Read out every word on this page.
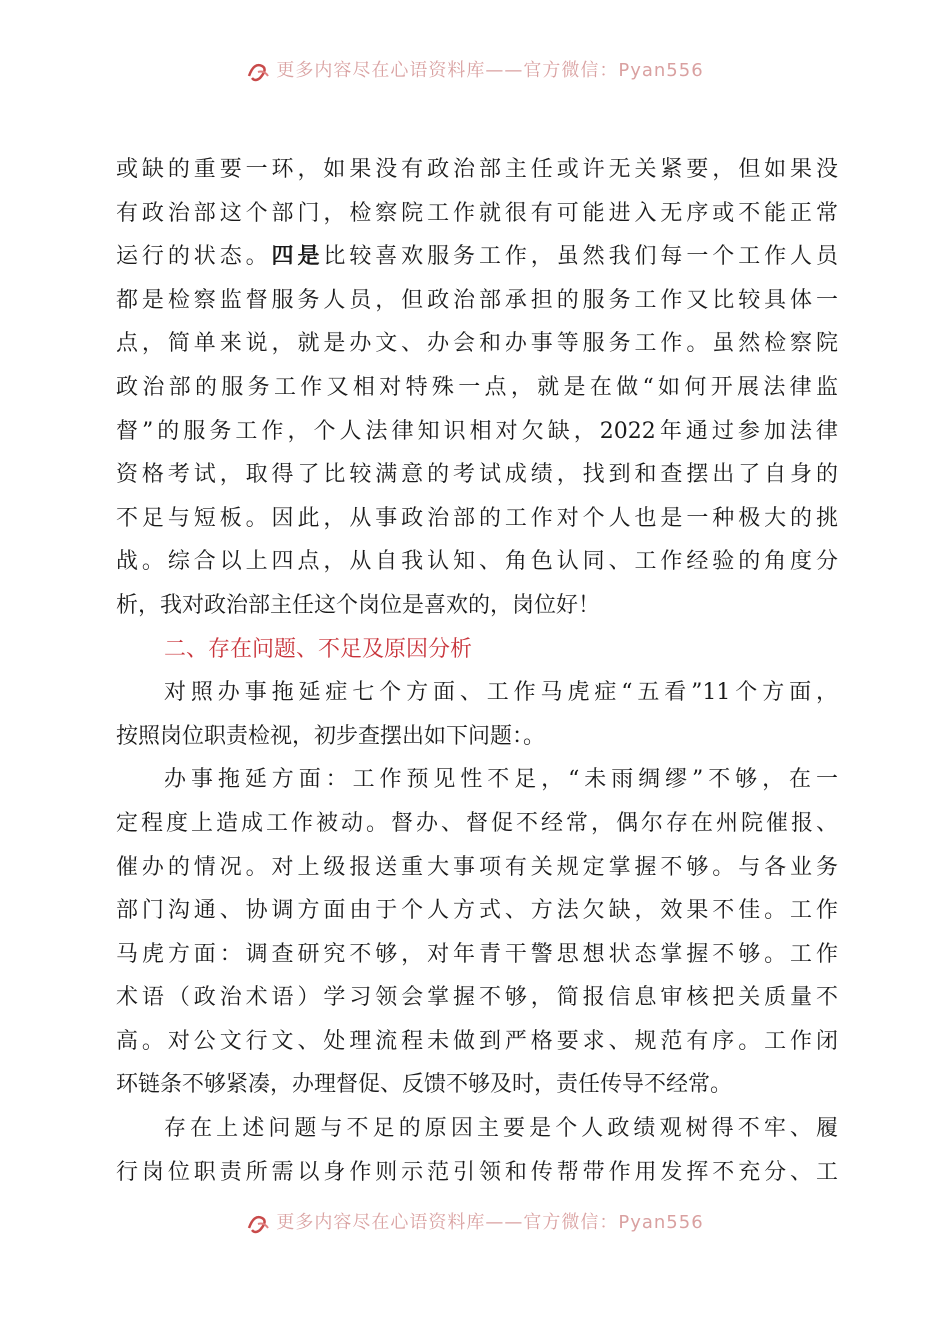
更多内容尽在心语资料库——官方微信：Pyan556
或缺的重要一环，如果没有政治部主任或许无关紧要，但如果没
有政治部这个部门，检察院工作就很有可能进入无序或不能正常
运行的状态。四是比较喜欢服务工作，虽然我们每一个工作人员
都是检察监督服务人员，但政治部承担的服务工作又比较具体一
点，简单来说，就是办文、办会和办事等服务工作。虽然检察院
政治部的服务工作又相对特殊一点，就是在做“如何开展法律监
督”的服务工作，个人法律知识相对欠缺，2022年通过参加法律
资格考试，取得了比较满意的考试成绩，找到和查摆出了自身的
不足与短板。因此，从事政治部的工作对个人也是一种极大的挑
战。综合以上四点，从自我认知、角色认同、工作经验的角度分
析，我对政治部主任这个岗位是喜欢的，岗位好！
二、存在问题、不足及原因分析
对照办事拖延症七个方面、工作马虎症“五看”11个方面，
按照岗位职责检视，初步查摆出如下问题：。
办事拖延方面：工作预见性不足，“未雨绸缪”不够，在一
定程度上造成工作被动。督办、督促不经常，偶尔存在州院催报、
催办的情况。对上级报送重大事项有关规定掌握不够。与各业务
部门沟通、协调方面由于个人方式、方法欠缺，效果不佳。工作
马虎方面：调查研究不够，对年青干警思想状态掌握不够。工作
术语（政治术语）学习领会掌握不够，简报信息审核把关质量不
高。对公文行文、处理流程未做到严格要求、规范有序。工作闭
环链条不够紧凑，办理督促、反馈不够及时，责任传导不经常。
存在上述问题与不足的原因主要是个人政绩观树得不牢、履
行岗位职责所需以身作则示范引领和传帮带作用发挥不充分、工
更多内容尽在心语资料库——官方微信：Pyan556
